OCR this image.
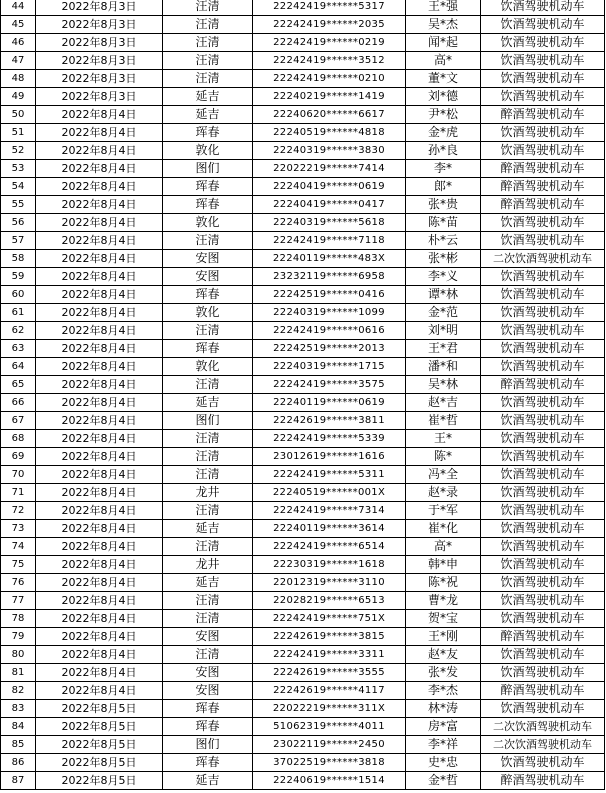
44	2022年8月3日	汪清	22242419******5317	王*强	饮酒驾驶机动车
45	2022年8月3日	汪清	22242419******2035	吴*杰	饮酒驾驶机动车
46	2022年8月3日	汪清	22242419******0219	闻*起	饮酒驾驶机动车
47	2022年8月3日	汪清	22242419******3512	高*	饮酒驾驶机动车
48	2022年8月3日	汪清	22242419******0210	董*文	饮酒驾驶机动车
49	2022年8月3日	延吉	22240219******1419	刘*德	饮酒驾驶机动车
50	2022年8月4日	延吉	22240620******6617	尹*松	醉酒驾驶机动车
51	2022年8月4日	珲春	22240519******4818	金*虎	饮酒驾驶机动车
52	2022年8月4日	敦化	22240319******3830	孙*良	饮酒驾驶机动车
53	2022年8月4日	图们	22022219******7414	李*	醉酒驾驶机动车
54	2022年8月4日	珲春	22240419******0619	郎*	醉酒驾驶机动车
55	2022年8月4日	珲春	22240419******0417	张*贵	醉酒驾驶机动车
56	2022年8月4日	敦化	22240319******5618	陈*苗	饮酒驾驶机动车
57	2022年8月4日	汪清	22242419******7118	朴*云	饮酒驾驶机动车
58	2022年8月4日	安图	22240119******483X	张*彬	二次饮酒驾驶机动车
59	2022年8月4日	安图	23232119******6958	李*义	饮酒驾驶机动车
60	2022年8月4日	珲春	22242519******0416	谭*林	饮酒驾驶机动车
61	2022年8月4日	敦化	22240319******1099	金*范	饮酒驾驶机动车
62	2022年8月4日	汪清	22242419******0616	刘*明	饮酒驾驶机动车
63	2022年8月4日	珲春	22242519******2013	王*君	饮酒驾驶机动车
64	2022年8月4日	敦化	22240319******1715	潘*和	饮酒驾驶机动车
65	2022年8月4日	汪清	22242419******3575	吴*林	醉酒驾驶机动车
66	2022年8月4日	延吉	22240119******0619	赵*吉	饮酒驾驶机动车
67	2022年8月4日	图们	22242619******3811	崔*哲	饮酒驾驶机动车
68	2022年8月4日	汪清	22242419******5339	王*	饮酒驾驶机动车
69	2022年8月4日	汪清	23012619******1616	陈*	饮酒驾驶机动车
70	2022年8月4日	汪清	22242419******5311	冯*全	饮酒驾驶机动车
71	2022年8月4日	龙井	22240519******001X	赵*录	饮酒驾驶机动车
72	2022年8月4日	汪清	22242419******7314	于*军	饮酒驾驶机动车
73	2022年8月4日	延吉	22240119******3614	崔*化	饮酒驾驶机动车
74	2022年8月4日	汪清	22242419******6514	高*	饮酒驾驶机动车
75	2022年8月4日	龙井	22230319******1618	韩*申	饮酒驾驶机动车
76	2022年8月4日	延吉	22012319******3110	陈*祝	饮酒驾驶机动车
77	2022年8月4日	汪清	22028219******6513	曹*龙	饮酒驾驶机动车
78	2022年8月4日	汪清	22242419******751X	贺*宝	饮酒驾驶机动车
79	2022年8月4日	安图	22242619******3815	王*刚	醉酒驾驶机动车
80	2022年8月4日	汪清	22242419******3311	赵*友	饮酒驾驶机动车
81	2022年8月4日	安图	22242619******3555	张*发	饮酒驾驶机动车
82	2022年8月4日	安图	22242619******4117	李*杰	醉酒驾驶机动车
83	2022年8月5日	珲春	22022219******311X	林*涛	饮酒驾驶机动车
84	2022年8月5日	珲春	51062319******4011	房*富	二次饮酒驾驶机动车
85	2022年8月5日	图们	23022119******2450	李*祥	二次饮酒驾驶机动车
86	2022年8月5日	珲春	37022519******3818	史*忠	饮酒驾驶机动车
87	2022年8月5日	延吉	22240619******1514	金*哲	醉酒驾驶机动车
